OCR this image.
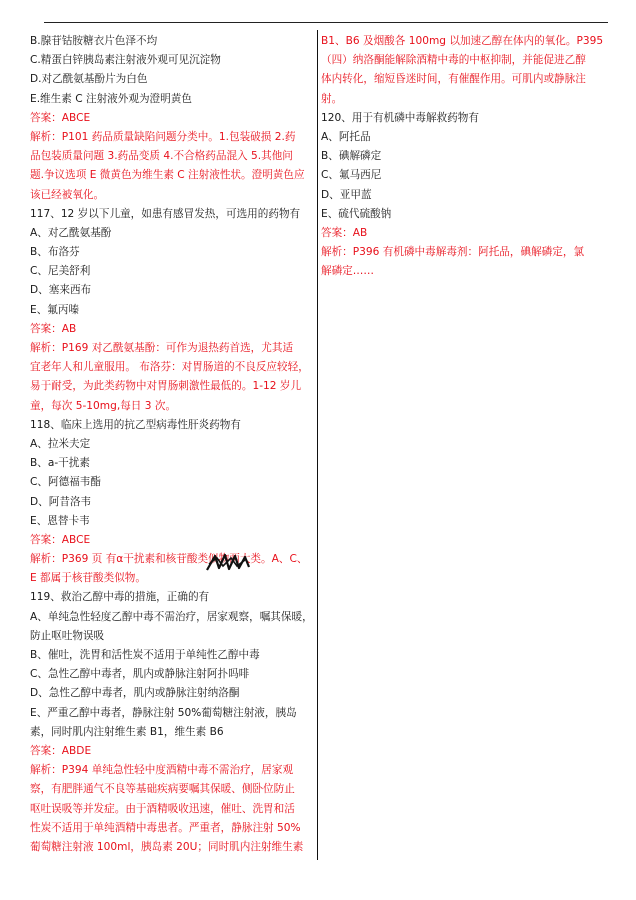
B.腺苷钴胺糖衣片色泽不均
C.精蛋白锌胰岛素注射液外观可见沉淀物
D.对乙酰氨基酚片为白色
E.维生素 C 注射液外观为澄明黄色
答案：ABCE
解析：P101 药品质量缺陷问题分类中。1.包装破损 2.药
品包装质量问题 3.药品变质 4.不合格药品混入 5.其他问
题.争议选项 E 微黄色为维生素 C 注射液性状。澄明黄色应
该已经被氧化。
117、12 岁以下儿童，如患有感冒发热，可选用的药物有
A、对乙酰氨基酚
B、布洛芬
C、尼美舒利
D、塞来西布
E、氟丙嗪
答案：AB
解析：P169 对乙酰氨基酚：可作为退热药首选，尤其适
宜老年人和儿童服用。 布洛芬：对胃肠道的不良反应较轻，
易于耐受，为此类药物中对胃肠刺激性最低的。1-12 岁儿
童，每次 5-10mg,每日 3 次。
118、临床上选用的抗乙型病毒性肝炎药物有
A、拉米夫定
B、a-干扰素
C、阿德福韦酯
D、阿昔洛韦
E、恩替卡韦
答案：ABCE
解析：P369 页 有α干扰素和核苷酸类似物两大类。A、C、
E 都属于核苷酸类似物。
119、救治乙醇中毒的措施，正确的有
A、单纯急性轻度乙醇中毒不需治疗，居家观察，嘱其保暖，
防止呕吐物误吸
B、催吐，洗胃和活性炭不适用于单纯性乙醇中毒
C、急性乙醇中毒者，肌内或静脉注射阿扑吗啡
D、急性乙醇中毒者，肌内或静脉注射纳洛酮
E、严重乙醇中毒者，静脉注射 50%葡萄糖注射液，胰岛
素，同时肌内注射维生素 B1，维生素 B6
答案：ABDE
解析：P394 单纯急性轻中度酒精中毒不需治疗，居家观
察，有肥胖通气不良等基础疾病要嘱其保暖、侧卧位防止
呕吐误吸等并发症。由于酒精吸收迅速，催吐、洗胃和活
性炭不适用于单纯酒精中毒患者。严重者，静脉注射 50%
葡萄糖注射液 100ml，胰岛素 20U；同时肌内注射维生素
B1、B6 及烟酸各 100mg 以加速乙醇在体内的氧化。P395
（四）纳洛酮能解除酒精中毒的中枢抑制，并能促进乙醇
体内转化，缩短昏迷时间，有催醒作用。可肌内或静脉注
射。
120、用于有机磷中毒解救药物有
A、阿托品
B、碘解磷定
C、氟马西尼
D、亚甲蓝
E、硫代硫酸钠
答案：AB
解析：P396 有机磷中毒解毒剂：阿托品，碘解磷定，氯
解磷定……
